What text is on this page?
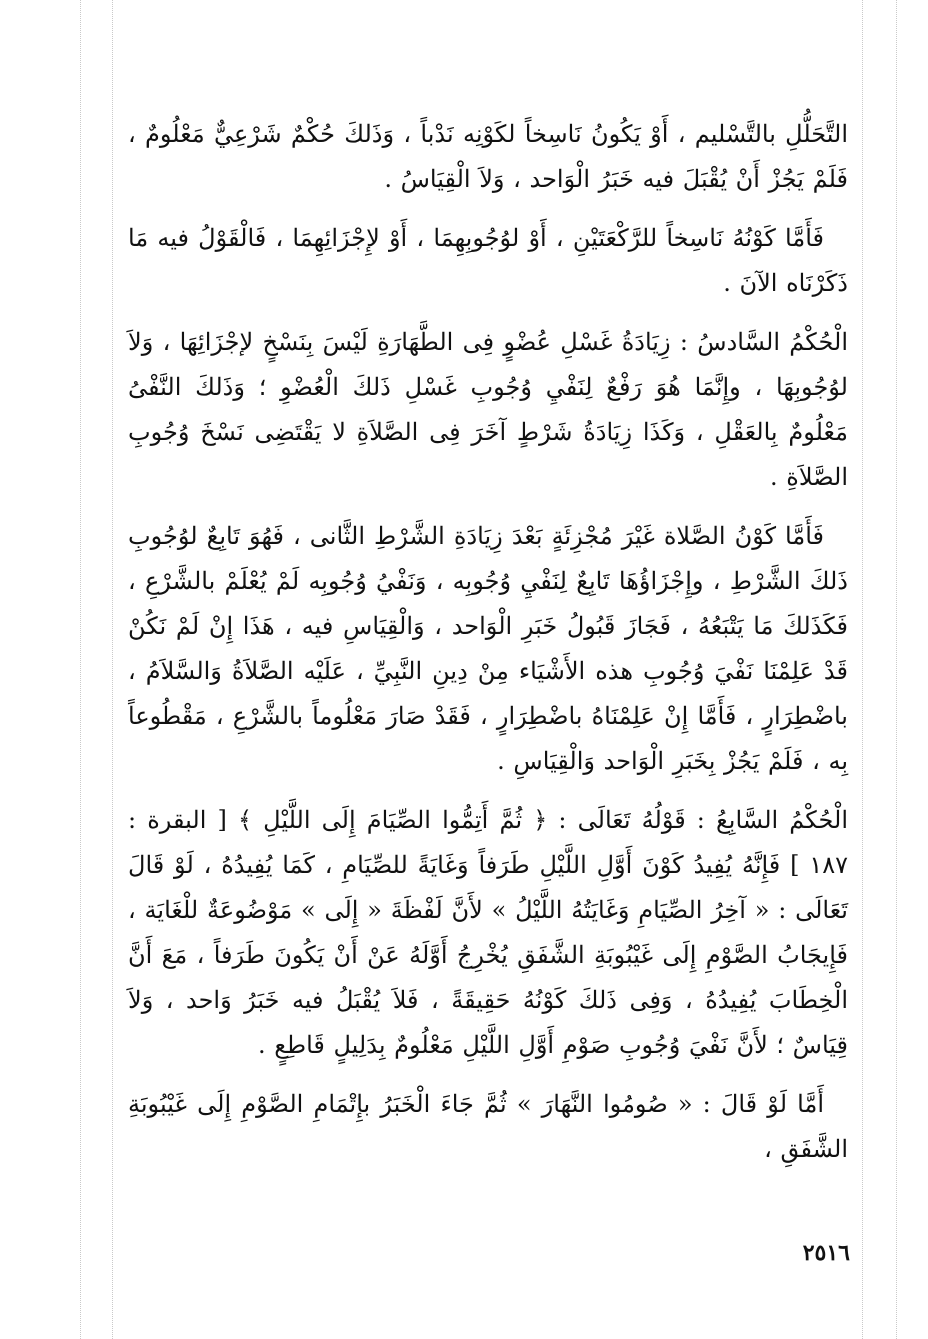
التَّحَلُّلِ بالتَّسْليم ، أَوْ يَكُونُ نَاسِخاً لكَوْنِه نَدْباً ، وَذَلكَ حُكْمٌ شَرْعِيٌّ مَعْلُومٌ ، فَلَمْ يَجُزْ أَنْ يُقْبَلَ فيه خَبَرُ الْوَاحد ، وَلاَ الْقِيَاسُ .

فَأَمَّا كَوْنُهُ نَاسِخاً للرَّكْعَتَيْنِ ، أَوْ لوُجُوبِهِمَا ، أَوْ لإِجْزَائِهِمَا ، فَالْقَوْلُ فيه مَا ذَكَرْنَاه الآنَ .

الْحُكْمُ السَّادسُ : زِيَادَةُ غَسْلِ عُضْوٍ فِى الطَّهَارَةِ لَيْسَ بِنَسْخٍ لإجْزَائِهَا ، وَلاَ لوُجُوبِهَا ، وإِنَّمَا هُوَ رَفْعٌ لِنَفْيِ وُجُوبِ غَسْلِ ذَلكَ الْعُضْوِ ؛ وَذَلكَ النَّفْىُ مَعْلُومٌ بِالعَقْلِ ، وَكَذَا زِيَادَةُ شَرْطٍ آخَرَ فِى الصَّلاَةِ لا يَقْتَضِى نَسْخَ وُجُوبِ الصَّلاَةِ .

فَأَمَّا كَوْنُ الصَّلاة غَيْرَ مُجْزِئَةٍ بَعْدَ زِيَادَةِ الشَّرْطِ الثَّانى ، فَهُوَ تَابِعٌ لوُجُوبِ ذَلكَ الشَّرْطِ ، وإِجْزَاؤُهَا تَابِعٌ لِنَفْيِ وُجُوبِه ، وَنَفْيُ وُجُوبِه لَمْ يُعْلَمْ بالشَّرْعِ ، فَكَذَلكَ مَا يَتْبَعُهُ ، فَجَازَ قَبُولُ خَبَرِ الْوَاحد ، وَالْقِيَاسِ فيه ، هَذَا إِنْ لَمْ نَكُنْ قَدْ عَلِمْنَا نَفْيَ وُجُوبِ هذه الأَشْيَاء مِنْ دِينِ النَّبِيِّ ، عَلَيْه الصَّلاَةُ وَالسَّلاَمُ ، باضْطِرَارٍ ، فَأَمَّا إِنْ عَلِمْنَاهُ باضْطِرَارٍ ، فَقَدْ صَارَ مَعْلُوماً بالشَّرْعِ ، مَقْطُوعاً بِه ، فَلَمْ يَجُزْ بِخَبَرِ الْوَاحد وَالْقِيَاسِ .

الْحُكْمُ السَّابِعُ : قَوْلُهُ تَعَالَى : ﴿ ثُمَّ أَتِمُّوا الصِّيَامَ إِلَى اللَّيْلِ ﴾ [ البقرة : ١٨٧ ] فَإِنَّهُ يُفِيدُ كَوْنَ أَوَّلِ اللَّيْلِ طَرَفاً وَغَايَةً للصِّيَامِ ، كَمَا يُفِيدُهُ ، لَوْ قَالَ تَعَالَى : « آخِرُ الصِّيَامِ وَغَايَتُهُ اللَّيْلُ » لأَنَّ لَفْظَةَ « إِلَى » مَوْضُوعَةٌ للْغَايَة ، فَإِيجَابُ الصَّوْمِ إِلَى غَيْبُوبَةِ الشَّفَقِ يُخْرِجُ أَوَّلَهُ عَنْ أَنْ يَكُونَ طَرَفاً ، مَعَ أَنَّ الْخِطَابَ يُفِيدُهُ ، وَفِى ذَلكَ كَوْنُهُ حَقِيقَةً ، فَلاَ يُقْبَلُ فيه خَبَرُ وَاحد ، وَلاَ قِيَاسٌ ؛ لأَنَّ نَفْيَ وُجُوبِ صَوْمِ أَوَّلِ اللَّيْلِ مَعْلُومٌ بِدَلِيلٍ قَاطِعٍ .

أَمَّا لَوْ قَالَ : « صُومُوا النَّهَارَ » ثُمَّ جَاءَ الْخَبَرُ بإِتْمَامِ الصَّوْمِ إِلَى غَيْبُوبَةِ الشَّفَقِ ،

٢٥١٦
